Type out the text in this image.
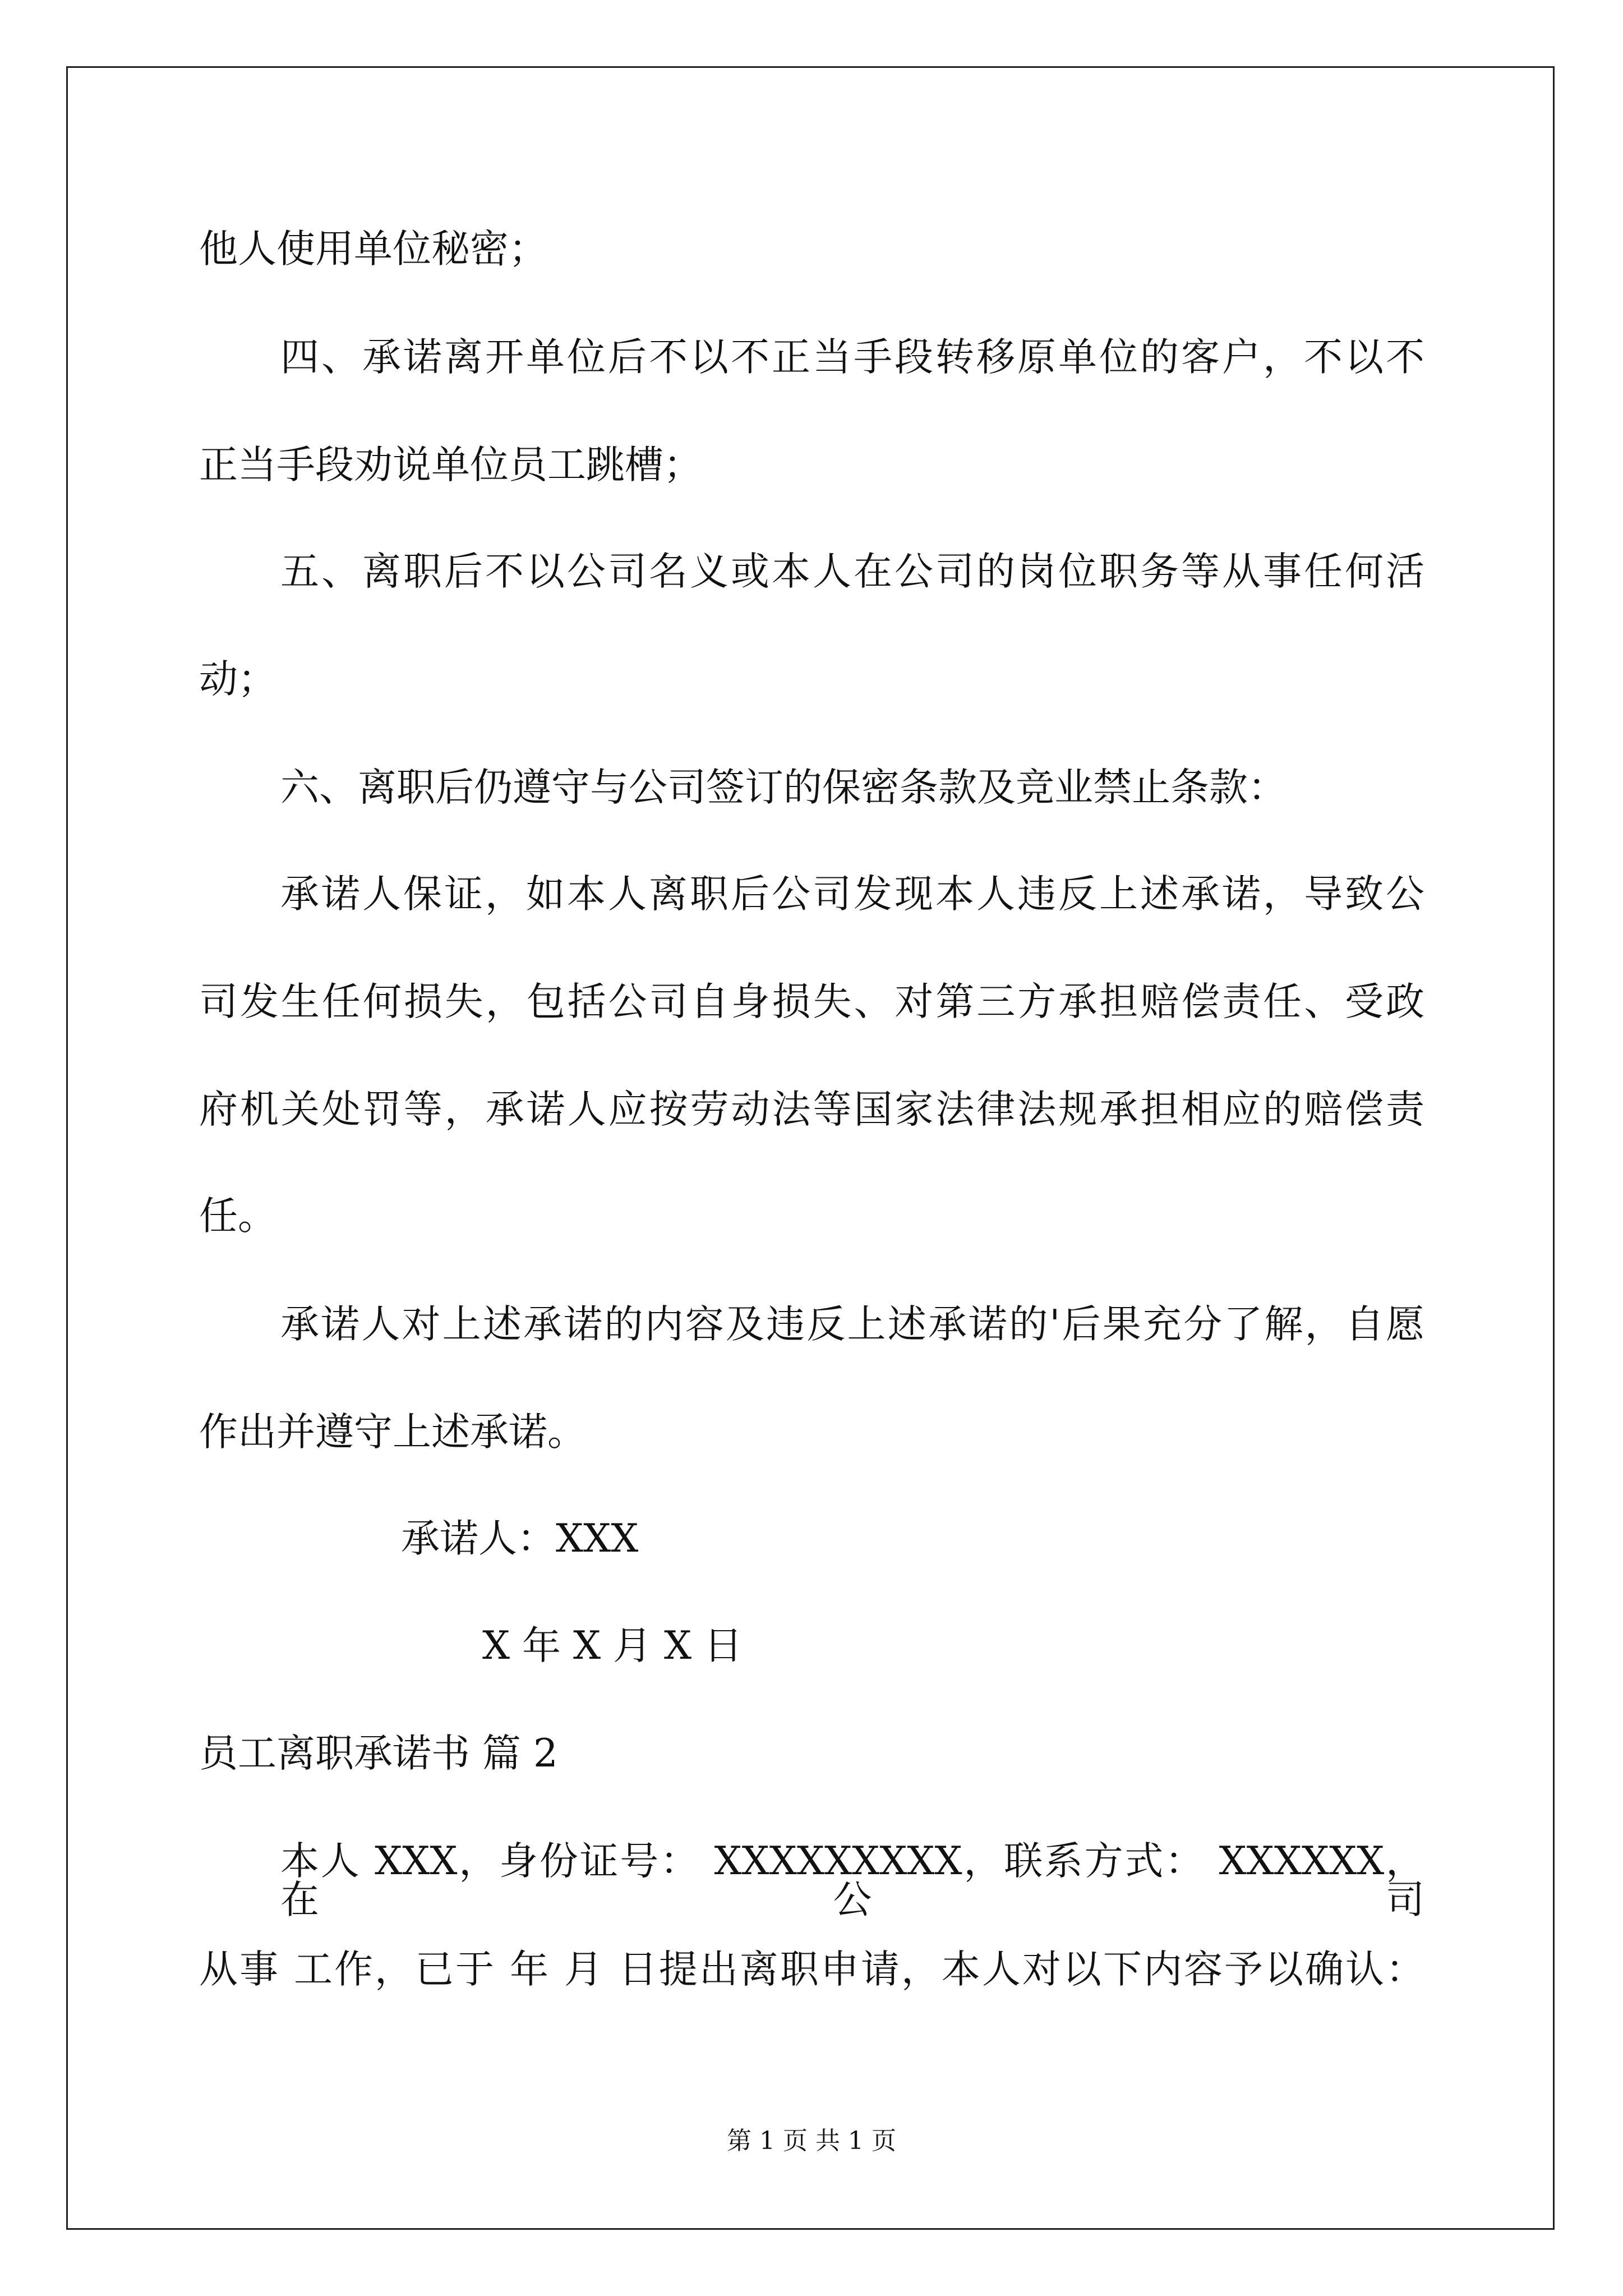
他人使用单位秘密；
四、承诺离开单位后不以不正当手段转移原单位的客户，不以不
正当手段劝说单位员工跳槽；
五、离职后不以公司名义或本人在公司的岗位职务等从事任何活
动；
六、离职后仍遵守与公司签订的保密条款及竞业禁止条款：
承诺人保证，如本人离职后公司发现本人违反上述承诺，导致公
司发生任何损失，包括公司自身损失、对第三方承担赔偿责任、受政
府机关处罚等，承诺人应按劳动法等国家法律法规承担相应的赔偿责
任。
承诺人对上述承诺的内容及违反上述承诺的'后果充分了解，自愿
作出并遵守上述承诺。
承诺人：XXX
X 年 X 月 X 日
员工离职承诺书 篇 2
本人 XXX，身份证号： XXXXXXXXX，联系方式： XXXXXX，在公司
从事 工作，已于 年 月 日提出离职申请，本人对以下内容予以确认：
第 1 页 共 1 页
